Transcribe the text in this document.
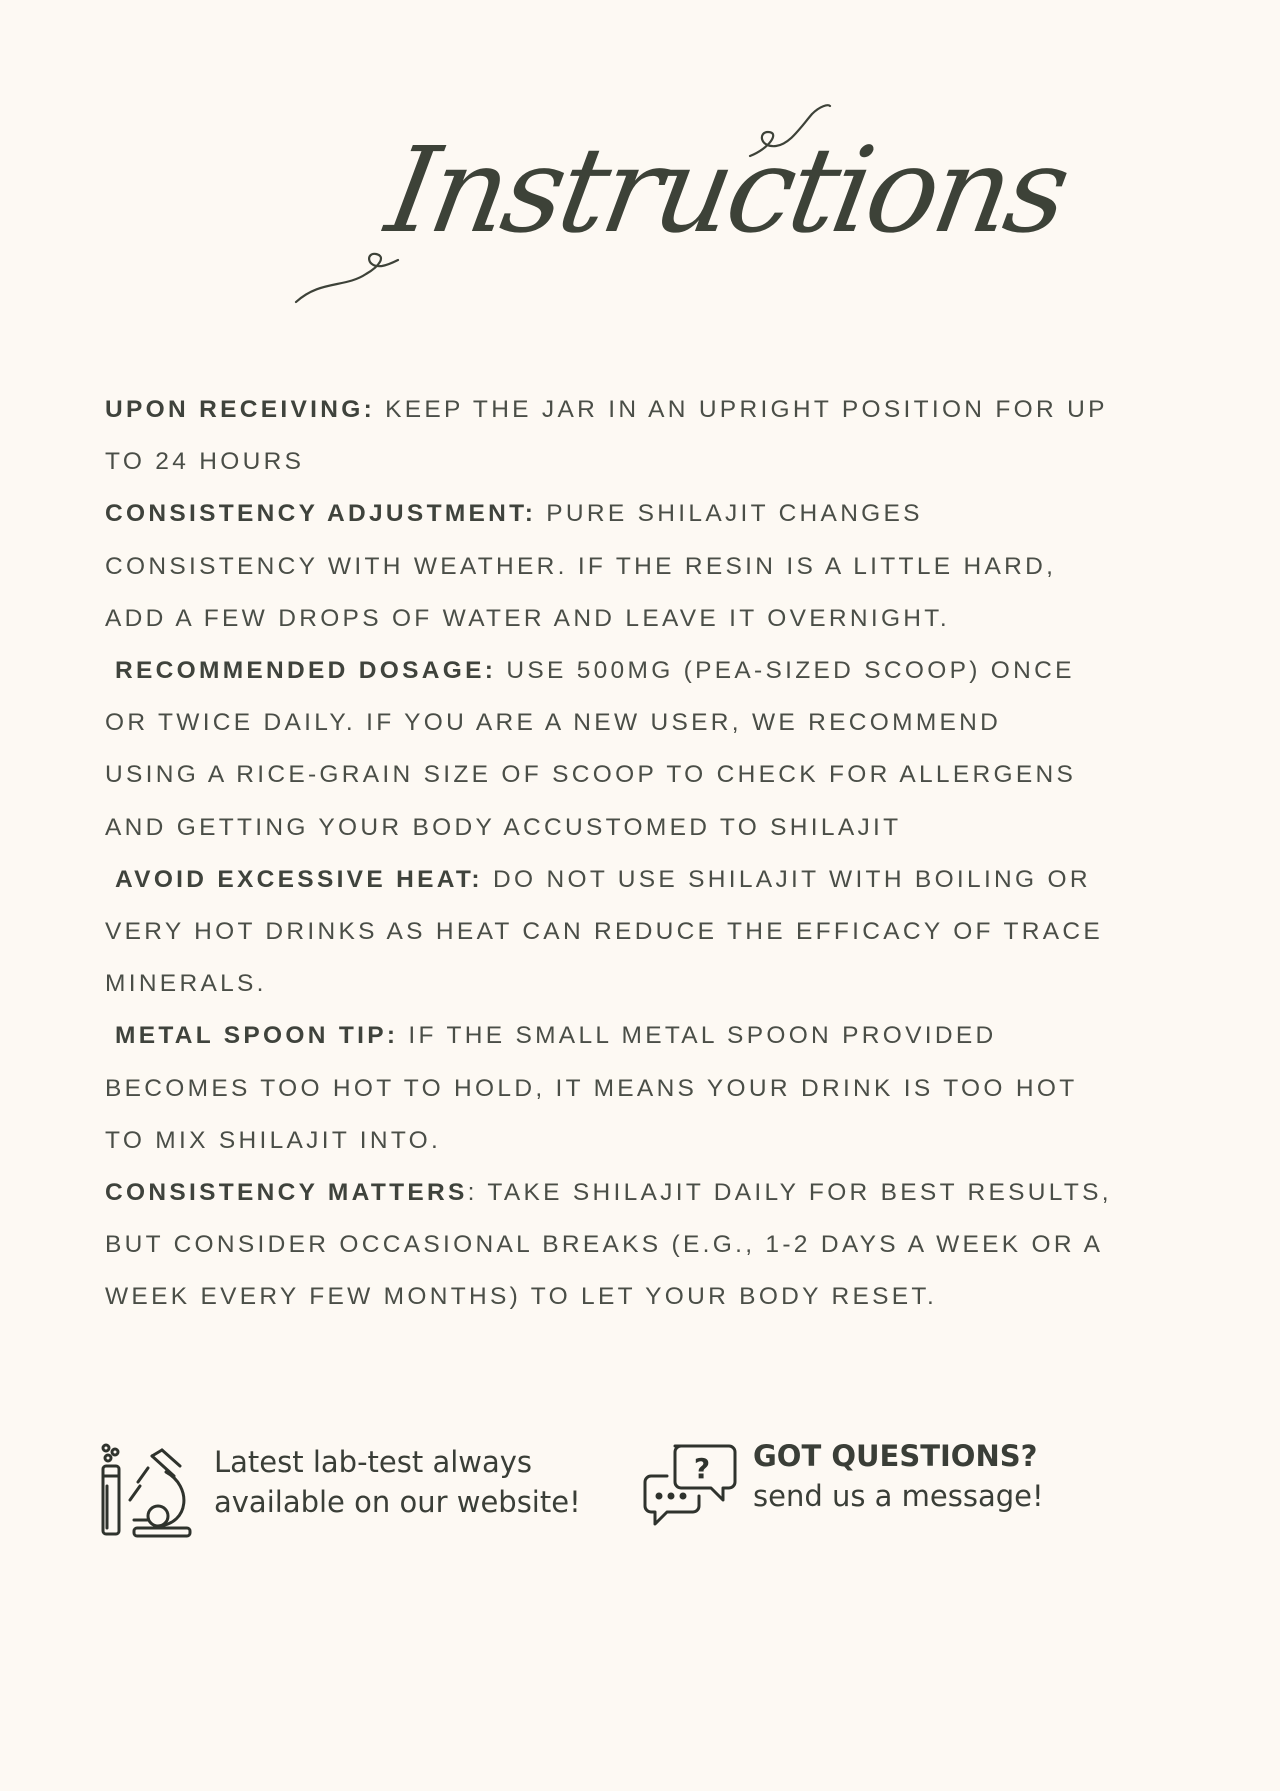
Instructions
UPON RECEIVING: KEEP THE JAR IN AN UPRIGHT POSITION FOR UP
TO 24 HOURS
CONSISTENCY ADJUSTMENT: PURE SHILAJIT CHANGES
CONSISTENCY WITH WEATHER. IF THE RESIN IS A LITTLE HARD,
ADD A FEW DROPS OF WATER AND LEAVE IT OVERNIGHT.
RECOMMENDED DOSAGE: USE 500MG (PEA-SIZED SCOOP) ONCE
OR TWICE DAILY. IF YOU ARE A NEW USER, WE RECOMMEND
USING A RICE-GRAIN SIZE OF SCOOP TO CHECK FOR ALLERGENS
AND GETTING YOUR BODY ACCUSTOMED TO SHILAJIT
AVOID EXCESSIVE HEAT: DO NOT USE SHILAJIT WITH BOILING OR
VERY HOT DRINKS AS HEAT CAN REDUCE THE EFFICACY OF TRACE
MINERALS.
METAL SPOON TIP: IF THE SMALL METAL SPOON PROVIDED
BECOMES TOO HOT TO HOLD, IT MEANS YOUR DRINK IS TOO HOT
TO MIX SHILAJIT INTO.
CONSISTENCY MATTERS: TAKE SHILAJIT DAILY FOR BEST RESULTS,
BUT CONSIDER OCCASIONAL BREAKS (E.G., 1-2 DAYS A WEEK OR A
WEEK EVERY FEW MONTHS) TO LET YOUR BODY RESET.
Latest lab-test always
available on our website!
? GOT QUESTIONS?
send us a message!
